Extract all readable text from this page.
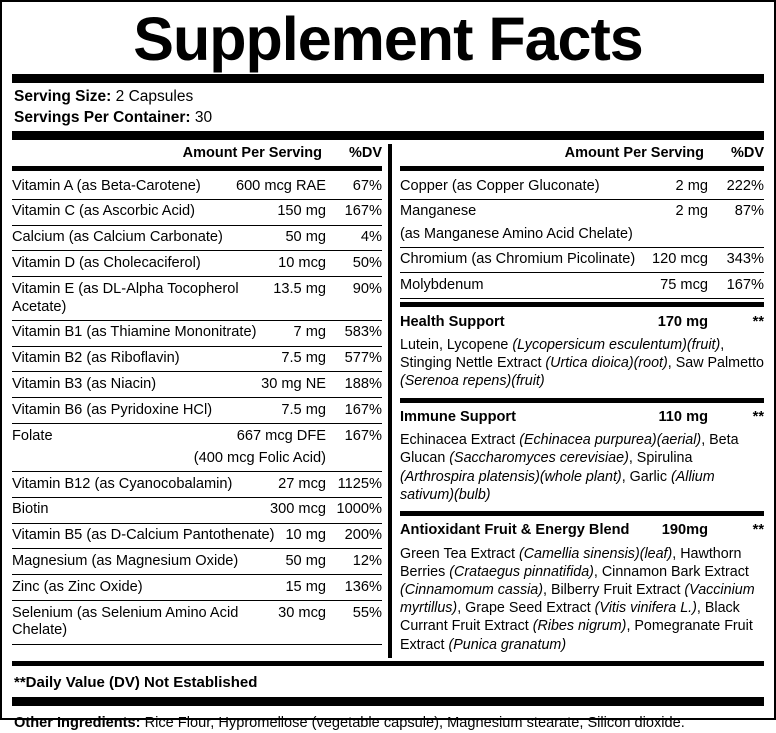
Supplement Facts
Serving Size: 2 Capsules
Servings Per Container: 30
Amount Per Serving	%DV
Vitamin A (as Beta-Carotene)	600 mcg RAE	67%
Vitamin C (as Ascorbic Acid)	150 mg	167%
Calcium (as Calcium Carbonate)	50 mg	4%
Vitamin D (as Cholecaciferol)	10 mcg	50%
Vitamin E (as DL-Alpha Tocopherol Acetate)
13.5 mg	90%
Vitamin B1 (as Thiamine Mononitrate)	7 mg	583%
Vitamin B2 (as Riboflavin)	7.5 mg	577%
Vitamin B3 (as Niacin)	30 mg NE	188%
Vitamin B6 (as Pyridoxine HCl)	7.5 mg	167%
Folate	667 mcg DFE	167%
(400 mcg Folic Acid)
Vitamin B12 (as Cyanocobalamin)	27 mcg 1125%
Biotin	300 mcg 1000%
Vitamin B5 (as D-Calcium Pantothenate) 10 mg	200%
Magnesium (as Magnesium Oxide)	50 mg	12%
Zinc (as Zinc Oxide)	15 mg	136%
Selenium (as Selenium Amino Acid Chelate)
30 mcg	55%
Amount Per Serving	%DV
Copper (as Copper Gluconate)	2 mg	222%
Manganese	2 mg	87%
(as Manganese Amino Acid Chelate)
Chromium (as Chromium Picolinate)	120 mcg	343%
Molybdenum	75 mcg	167%
Health Support	170 mg	**
Lutein, Lycopene (Lycopersicum esculentum)(fruit), Stinging Nettle Extract (Urtica dioica)(root), Saw Palmetto (Serenoa repens)(fruit)
Immune Support	110 mg	**
Echinacea Extract (Echinacea purpurea)(aerial), Beta Glucan (Saccharomyces cerevisiae), Spirulina (Arthrospira platensis)(whole plant), Garlic (Allium sativum)(bulb)
Antioxidant Fruit & Energy Blend	190mg	**
Green Tea Extract (Camellia sinensis)(leaf), Hawthorn Berries (Crataegus pinnatifida), Cinnamon Bark Extract (Cinnamomum cassia), Bilberry Fruit Extract (Vaccinium myrtillus), Grape Seed Extract (Vitis vinifera L.), Black Currant Fruit Extract (Ribes nigrum), Pomegranate Fruit Extract (Punica granatum)
**Daily Value (DV) Not Established
Other Ingredients: Rice Flour, Hypromellose (vegetable capsule), Magnesium stearate, Silicon dioxide.
